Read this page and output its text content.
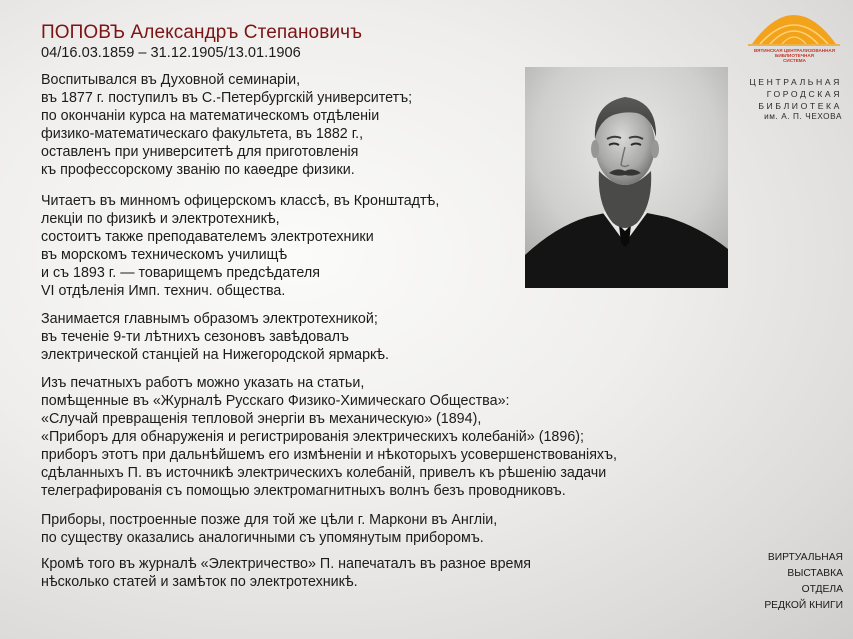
ПОПОВЪ Александръ Степановичъ
04/16.03.1859 – 31.12.1905/13.01.1906

Воспитывался въ Духовной семинаріи,
въ 1877 г. поступилъ въ С.-Петербургскій университетъ;
по окончаніи курса на математическомъ отдѣленіи
физико-математическаго факультета, въ 1882 г.,
оставленъ при университетѣ для приготовленія
къ профессорскому званію по каѳедре физики.

Читаетъ въ минномъ офицерскомъ классѣ, въ Кронштадтѣ,
лекціи по физикѣ и электротехникѣ,
состоитъ также преподавателемъ электротехники
въ морскомъ техническомъ училищѣ
и съ 1893 г. — товарищемъ предсѣдателя
VI отдѣленія Имп. технич. общества.

Занимается главнымъ образомъ электротехникой;
въ теченіе 9-ти лѣтнихъ сезоновъ завѣдовалъ
электрической станціей на Нижегородской ярмаркѣ.

Изъ печатныхъ работъ можно указать на статьи,
помѣщенные въ «Журналѣ Русскаго Физико-Химическаго Общества»:
«Случай превращенія тепловой энергіи въ механическую» (1894),
«Приборъ для обнаруженія и регистрированія электрическихъ колебаній» (1896);
приборъ этотъ при дальнѣйшемъ его измѣненіи и нѣкоторыхъ усовершенствованіяхъ,
сдѣланныхъ П. въ источникѣ электрическихъ колебаній, привелъ къ рѣшенію задачи
телеграфированія съ помощью электромагнитныхъ волнъ безъ проводниковъ.

Приборы, построенные позже для той же цѣли г. Маркони въ Англіи,
по существу оказались аналогичными съ упомянутым приборомъ.

Кромѣ того въ журналѣ «Электричество» П. напечаталъ въ разное время
нѣсколько статей и замѣток по электротехникѣ.

ВЯТИНСКАЯ ЦЕНТРАЛИЗОВАННАЯ
БИБЛИОТЕЧНАЯ
СИСТЕМА
ЦЕНТРАЛЬНАЯ
ГОРОДСКАЯ
БИБЛИОТЕКА
им. А. П. ЧЕХОВА
ВИРТУАЛЬНАЯ
ВЫСТАВКА
ОТДЕЛА
РЕДКОЙ КНИГИ
